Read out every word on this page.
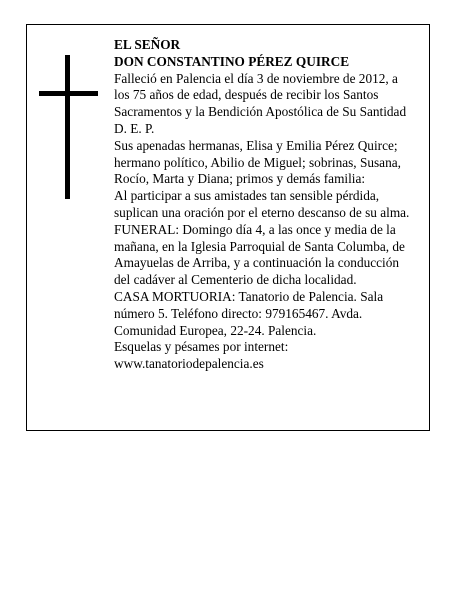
EL SEÑOR

DON CONSTANTINO PÉREZ QUIRCE

Falleció en Palencia el día 3 de noviembre de 2012, a

los 75 años de edad, después de recibir los Santos

Sacramentos y la Bendición Apostólica de Su Santidad

D. E. P.

Sus apenadas hermanas, Elisa y Emilia Pérez Quirce;

hermano político, Abilio de Miguel; sobrinas, Susana,

Rocío, Marta y Diana; primos y demás familia:

Al participar a sus amistades tan sensible pérdida,

suplican una oración por el eterno descanso de su alma.

FUNERAL: Domingo día 4, a las once y media de la

mañana, en la Iglesia Parroquial de Santa Columba, de

Amayuelas de Arriba, y a continuación la conducción

del cadáver al Cementerio de dicha localidad.

CASA MORTUORIA: Tanatorio de Palencia. Sala

número 5. Teléfono directo: 979165467. Avda.

Comunidad Europea, 22-24. Palencia.

Esquelas y pésames por internet:

www.tanatoriodepalencia.es
